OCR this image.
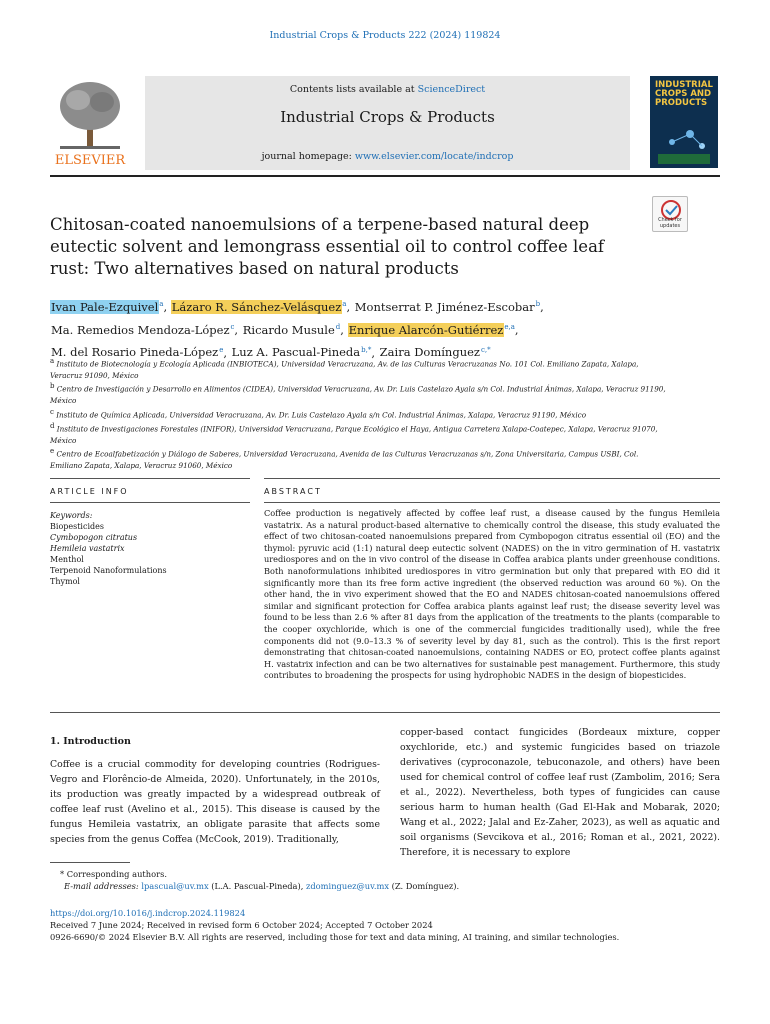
Industrial Crops & Products 222 (2024) 119824
ELSEVIER
Contents lists available at ScienceDirect
Industrial Crops & Products
journal homepage: www.elsevier.com/locate/indcrop
INDUSTRIAL CROPS AND PRODUCTS
Check for updates
Chitosan-coated nanoemulsions of a terpene-based natural deep eutectic solvent and lemongrass essential oil to control coffee leaf rust: Two alternatives based on natural products
Ivan Pale-Ezquivel$^a$, Lázaro R. Sánchez-Velásquez$^a$, Montserrat P. Jiménez-Escobar$^b$,
Ma. Remedios Mendoza-López$^c$, Ricardo Musule$^d$, Enrique Alarcón-Gutiérrez$^{e,a}$,
M. del Rosario Pineda-López$^e$, Luz A. Pascual-Pineda$^{b,*}$, Zaira Domínguez$^{c,*}$
$^a$ Instituto de Biotecnología y Ecología Aplicada (INBIOTECA), Universidad Veracruzana, Av. de las Culturas Veracruzanas No. 101 Col. Emiliano Zapata, Xalapa, Veracruz 91090, México
$^b$ Centro de Investigación y Desarrollo en Alimentos (CIDEA), Universidad Veracruzana, Av. Dr. Luis Castelazo Ayala s/n Col. Industrial Ánimas, Xalapa, Veracruz 91190, México
$^c$ Instituto de Química Aplicada, Universidad Veracruzana, Av. Dr. Luis Castelazo Ayala s/n Col. Industrial Ánimas, Xalapa, Veracruz 91190, México
$^d$ Instituto de Investigaciones Forestales (INIFOR), Universidad Veracruzana, Parque Ecológico el Haya, Antigua Carretera Xalapa-Coatepec, Xalapa, Veracruz 91070, México
$^e$ Centro de Ecoalfabetización y Diálogo de Saberes, Universidad Veracruzana, Avenida de las Culturas Veracruzanas s/n, Zona Universitaria, Campus USBI, Col. Emiliano Zapata, Xalapa, Veracruz 91060, México
ARTICLE INFO	ABSTRACT
Keywords:
Biopesticides
Cymbopogon citratus
Hemileia vastatrix
Menthol
Terpenoid Nanoformulations
Thymol
Coffee production is negatively affected by coffee leaf rust, a disease caused by the fungus Hemileia vastatrix. As a natural product-based alternative to chemically control the disease, this study evaluated the effect of two chitosan-coated nanoemulsions prepared from Cymbopogon citratus essential oil (EO) and the thymol: pyruvic acid (1:1) natural deep eutectic solvent (NADES) on the in vitro germination of H. vastatrix urediospores and on the in vivo control of the disease in Coffea arabica plants under greenhouse conditions. Both nanoformulations inhibited urediospores in vitro germination but only that prepared with EO did it significantly more than its free form active ingredient (the observed reduction was around 60 %). On the other hand, the in vivo experiment showed that the EO and NADES chitosan-coated nanoemulsions offered similar and significant protection for Coffea arabica plants against leaf rust; the disease severity level was found to be less than 2.6 % after 81 days from the application of the treatments to the plants (comparable to the cooper oxychloride, which is one of the commercial fungicides traditionally used), while the free components did not (9.0–13.3 % of severity level by day 81, such as the control). This is the first report demonstrating that chitosan-coated nanoemulsions, containing NADES or EO, protect coffee plants against H. vastatrix infection and can be two alternatives for sustainable pest management. Furthermore, this study contributes to broadening the prospects for using hydrophobic NADES in the design of biopesticides.
1. Introduction
Coffee is a crucial commodity for developing countries (Rodrigues-Vegro and Florêncio-de Almeida, 2020). Unfortunately, in the 2010s, its production was greatly impacted by a widespread outbreak of coffee leaf rust (Avelino et al., 2015). This disease is caused by the fungus Hemileia vastatrix, an obligate parasite that affects some species from the genus Coffea (McCook, 2019). Traditionally,
copper-based contact fungicides (Bordeaux mixture, copper oxychloride, etc.) and systemic fungicides based on triazole derivatives (cyproconazole, tebuconazole, and others) have been used for chemical control of coffee leaf rust (Zambolim, 2016; Sera et al., 2022). Nevertheless, both types of fungicides can cause serious harm to human health (Gad El-Hak and Mobarak, 2020; Wang et al., 2022; Jalal and Ez-Zaher, 2023), as well as aquatic and soil organisms (Sevcikova et al., 2016; Roman et al., 2021, 2022). Therefore, it is necessary to explore
* Corresponding authors.
E-mail addresses: lpascual@uv.mx (L.A. Pascual-Pineda), zdominguez@uv.mx (Z. Domínguez).
https://doi.org/10.1016/j.indcrop.2024.119824
Received 7 June 2024; Received in revised form 6 October 2024; Accepted 7 October 2024
0926-6690/© 2024 Elsevier B.V. All rights are reserved, including those for text and data mining, AI training, and similar technologies.
